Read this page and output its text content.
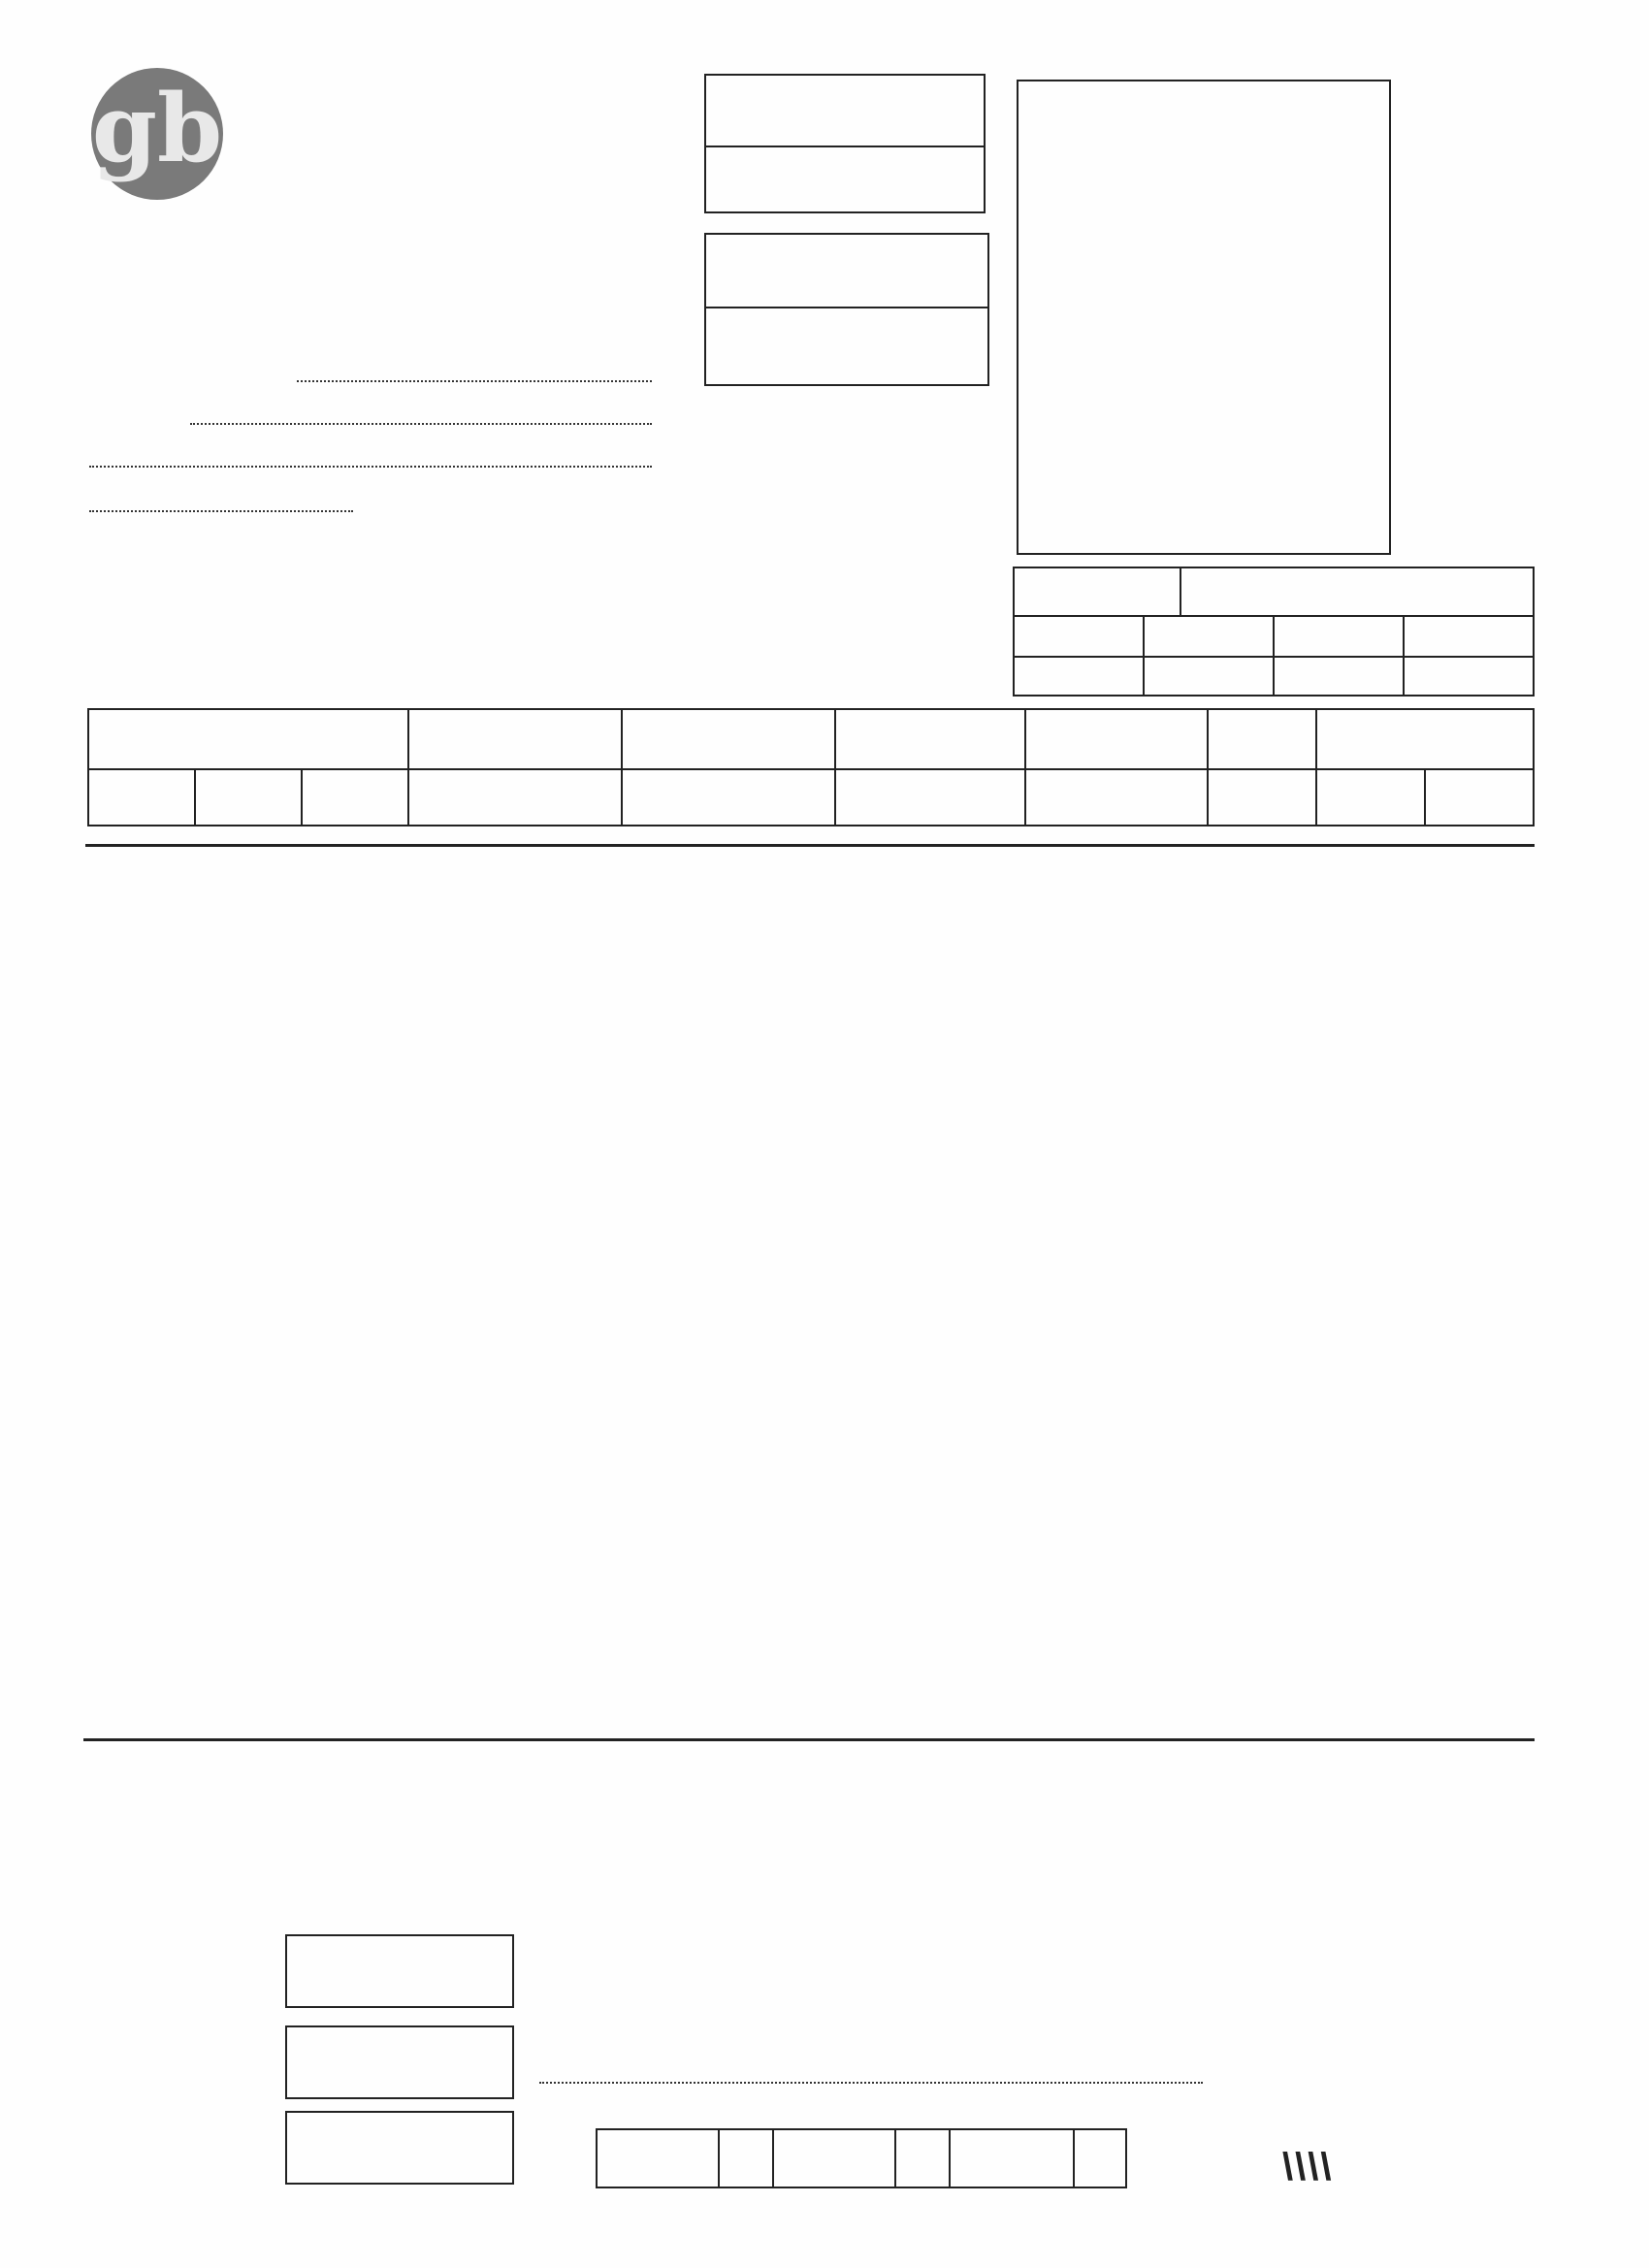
gb
\\\\
